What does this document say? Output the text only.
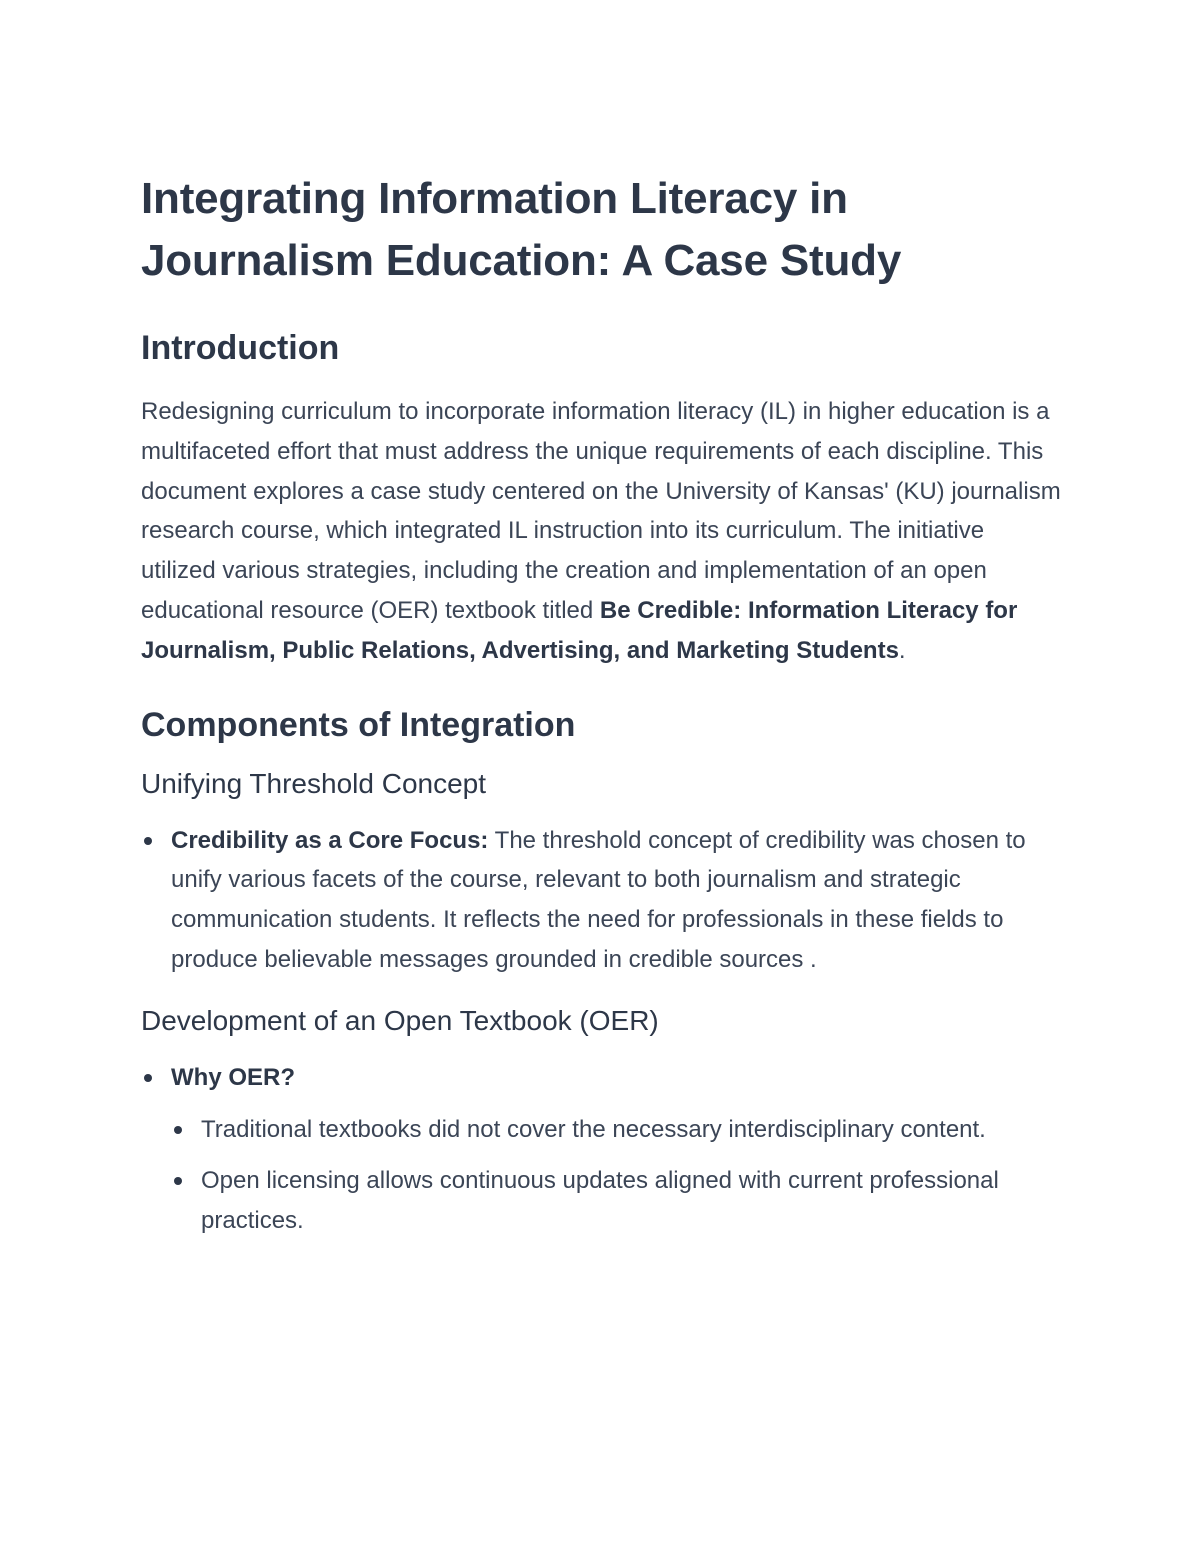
Integrating Information Literacy in Journalism Education: A Case Study
Introduction

Redesigning curriculum to incorporate information literacy (IL) in higher education is a multifaceted effort that must address the unique requirements of each discipline. This document explores a case study centered on the University of Kansas' (KU) journalism research course, which integrated IL instruction into its curriculum. The initiative utilized various strategies, including the creation and implementation of an open educational resource (OER) textbook titled Be Credible: Information Literacy for Journalism, Public Relations, Advertising, and Marketing Students.

Components of Integration
Unifying Threshold Concept
Credibility as a Core Focus: The threshold concept of credibility was chosen to unify various facets of the course, relevant to both journalism and strategic communication students. It reflects the need for professionals in these fields to produce believable messages grounded in credible sources .
Development of an Open Textbook (OER)
Why OER?
Traditional textbooks did not cover the necessary interdisciplinary content.
Open licensing allows continuous updates aligned with current professional practices.
